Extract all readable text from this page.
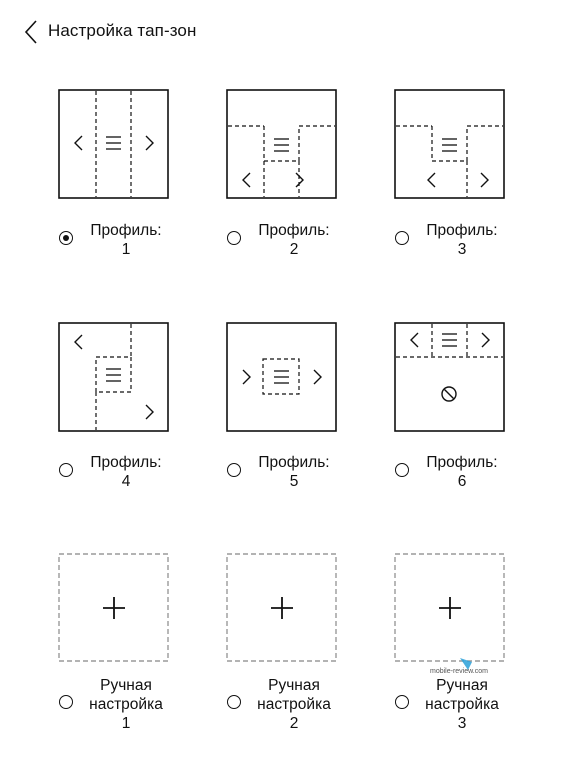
Настройка тап-зон
Профиль:
1
Профиль:
2
Профиль:
3
Профиль:
4
Профиль:
5
Профиль:
6
Ручная
настройка
1
Ручная
настройка
2
Ручная
настройка
3
mobile-review.com
